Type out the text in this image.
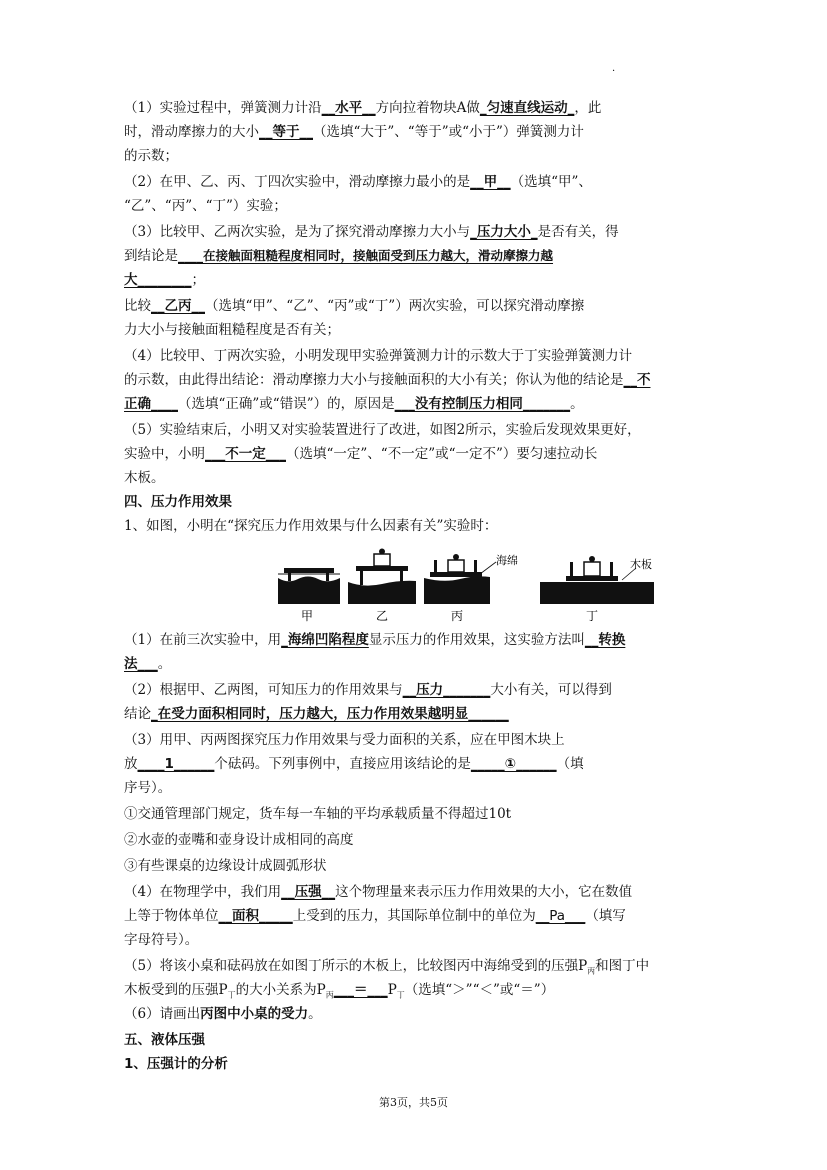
·
（1）实验过程中，弹簧测力计沿__水平__方向拉着物块A做_匀速直线运动_，此
时，滑动摩擦力的大小__等于__（选填“大于”、“等于”或“小于”）弹簧测力计
的示数；
（2）在甲、乙、丙、丁四次实验中，滑动摩擦力最小的是__甲__（选填“甲”、
“乙”、“丙”、“丁”）实验；
（3）比较甲、乙两次实验，是为了探究滑动摩擦力大小与_压力大小_是否有关，得
到结论是____在接触面粗糙程度相同时，接触面受到压力越大，滑动摩擦力越
大________；
比较__乙丙__（选填“甲”、“乙”、“丙”或“丁”）两次实验，可以探究滑动摩擦
力大小与接触面粗糙程度是否有关；
（4）比较甲、丁两次实验，小明发现甲实验弹簧测力计的示数大于丁实验弹簧测力计
的示数，由此得出结论：滑动摩擦力大小与接触面积的大小有关；你认为他的结论是__不
正确____（选填“正确”或“错误”）的，原因是___没有控制压力相同_______。
（5）实验结束后，小明又对实验装置进行了改进，如图2所示，实验后发现效果更好，
实验中，小明___不一定___（选填“一定”、“不一定”或“一定不”）要匀速拉动长
木板。
四、压力作用效果
1、如图，小明在“探究压力作用效果与什么因素有关”实验时：
（1）在前三次实验中，用_海绵凹陷程度显示压力的作用效果，这实验方法叫__转换
法___。
（2）根据甲、乙两图，可知压力的作用效果与__压力_______大小有关，可以得到
结论_在受力面积相同时，压力越大，压力作用效果越明显______
（3）用甲、丙两图探究压力作用效果与受力面积的关系，应在甲图木块上
放____1______个砝码。下列事例中，直接应用该结论的是_____①______（填
序号）。
①交通管理部门规定，货车每一车轴的平均承载质量不得超过10t
②水壶的壶嘴和壶身设计成相同的高度
③有些课桌的边缘设计成圆弧形状
（4）在物理学中，我们用__压强__这个物理量来表示压力作用效果的大小，它在数值
上等于物体单位__面积_____上受到的压力，其国际单位制中的单位为__Pa___（填写
字母符号）。
（5）将该小桌和砝码放在如图丁所示的木板上，比较图丙中海绵受到的压强$P_丙$和图丁中
木板受到的压强$P_丁$的大小关系为$P_丙\_\_\_=\_\_\_P_丁$（选填“＞”“＜”或“＝”）
（6）请画出丙图中小桌的受力。
五、液体压强
1、压强计的分析
海绵	木板
甲	乙	丙	丁
第3页，共5页
